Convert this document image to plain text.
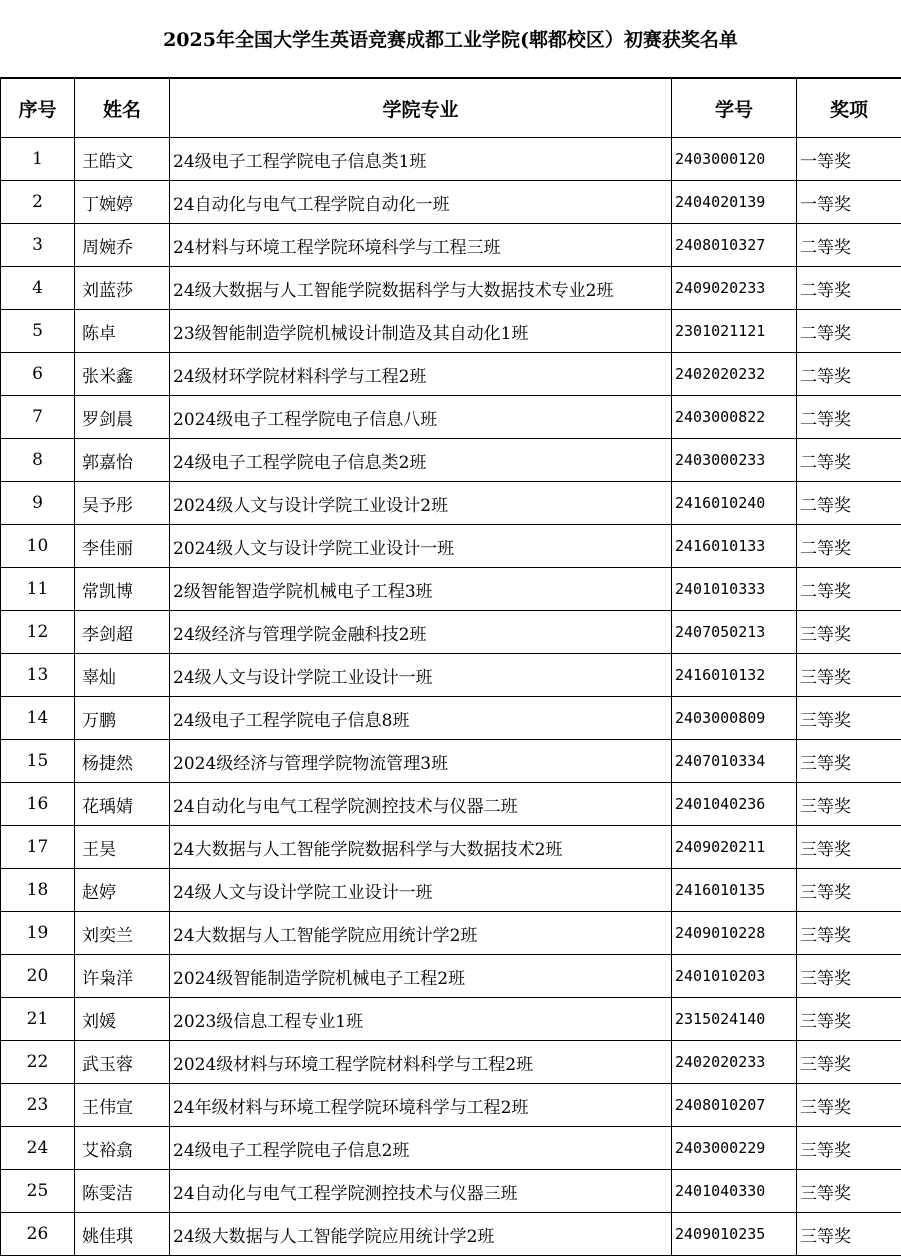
2025年全国大学生英语竞赛成都工业学院(郫都校区）初赛获奖名单
序号	姓名	学院专业	学号	奖项
1	王皓文	24级电子工程学院电子信息类1班	2403000120	一等奖
2	丁婉婷	24自动化与电气工程学院自动化一班	2404020139	一等奖
3	周婉乔	24材料与环境工程学院环境科学与工程三班	2408010327	二等奖
4	刘蓝莎	24级大数据与人工智能学院数据科学与大数据技术专业2班	2409020233	二等奖
5	陈卓	23级智能制造学院机械设计制造及其自动化1班	2301021121	二等奖
6	张米鑫	24级材环学院材料科学与工程2班	2402020232	二等奖
7	罗剑晨	2024级电子工程学院电子信息八班	2403000822	二等奖
8	郭嘉怡	24级电子工程学院电子信息类2班	2403000233	二等奖
9	吴予彤	2024级人文与设计学院工业设计2班	2416010240	二等奖
10	李佳丽	2024级人文与设计学院工业设计一班	2416010133	二等奖
11	常凯博	2级智能智造学院机械电子工程3班	2401010333	二等奖
12	李剑超	24级经济与管理学院金融科技2班	2407050213	三等奖
13	辜灿	24级人文与设计学院工业设计一班	2416010132	三等奖
14	万鹏	24级电子工程学院电子信息8班	2403000809	三等奖
15	杨捷然	2024级经济与管理学院物流管理3班	2407010334	三等奖
16	花瑀婧	24自动化与电气工程学院测控技术与仪器二班	2401040236	三等奖
17	王昊	24大数据与人工智能学院数据科学与大数据技术2班	2409020211	三等奖
18	赵婷	24级人文与设计学院工业设计一班	2416010135	三等奖
19	刘奕兰	24大数据与人工智能学院应用统计学2班	2409010228	三等奖
20	许枭洋	2024级智能制造学院机械电子工程2班	2401010203	三等奖
21	刘媛	2023级信息工程专业1班	2315024140	三等奖
22	武玉蓉	2024级材料与环境工程学院材料科学与工程2班	2402020233	三等奖
23	王伟宣	24年级材料与环境工程学院环境科学与工程2班	2408010207	三等奖
24	艾裕翕	24级电子工程学院电子信息2班	2403000229	三等奖
25	陈雯洁	24自动化与电气工程学院测控技术与仪器三班	2401040330	三等奖
26	姚佳琪	24级大数据与人工智能学院应用统计学2班	2409010235	三等奖
